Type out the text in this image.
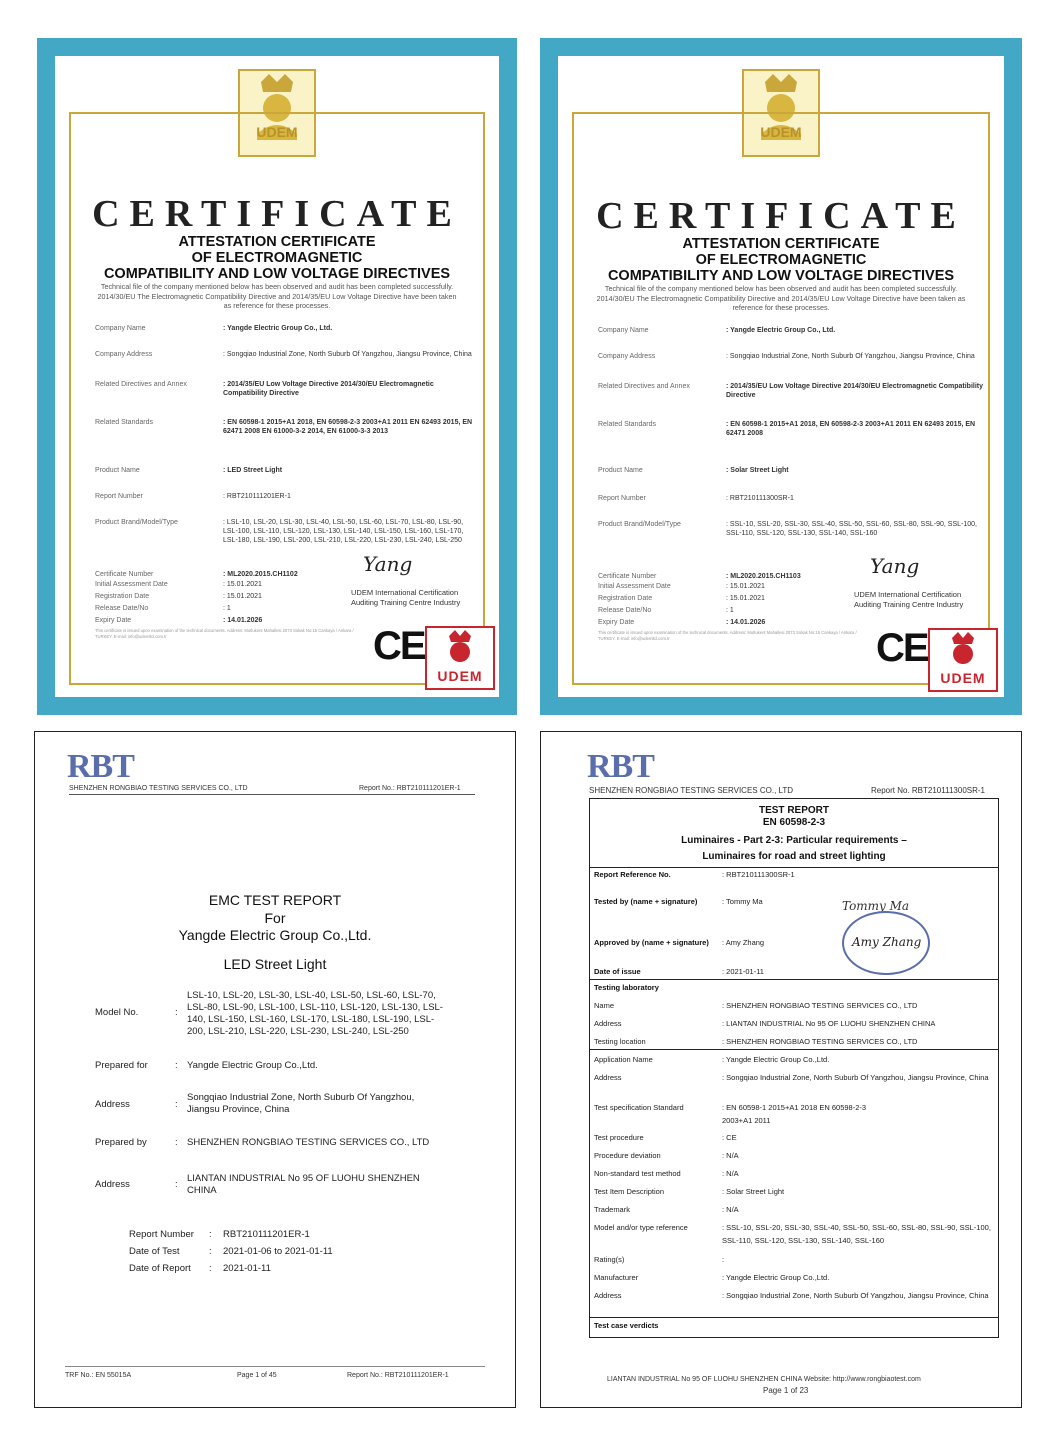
UDEM
CERTIFICATE
ATTESTATION CERTIFICATE
OF ELECTROMAGNETIC
COMPATIBILITY AND LOW VOLTAGE DIRECTIVES
Technical file of the company mentioned below has been observed and audit has been completed successfully. 2014/30/EU The Electromagnetic Compatibility Directive and 2014/35/EU Low Voltage Directive have been taken as reference for these processes.
Company Name	: Yangde Electric Group Co., Ltd.
Company Address	: Songqiao Industrial Zone, North Suburb Of Yangzhou, Jiangsu Province, China
Related Directives and Annex	: 2014/35/EU Low Voltage Directive 2014/30/EU Electromagnetic Compatibility Directive
Related Standards	: EN 60598-1 2015+A1 2018, EN 60598-2-3 2003+A1 2011 EN 62493 2015, EN 62471 2008 EN 61000-3-2 2014, EN 61000-3-3 2013
Product Name	: LED Street Light
Report Number	: RBT210111201ER-1
Product Brand/Model/Type	: LSL-10, LSL-20, LSL-30, LSL-40, LSL-50, LSL-60, LSL-70, LSL-80, LSL-90, LSL-100, LSL-110, LSL-120, LSL-130, LSL-140, LSL-150, LSL-160, LSL-170, LSL-180, LSL-190, LSL-200, LSL-210, LSL-220, LSL-230, LSL-240, LSL-250
Certificate Number	: ML2020.2015.CH1102
Initial Assessment Date	: 15.01.2021
Registration Date	: 15.01.2021
Release Date/No	: 1
Expiry Date	: 14.01.2026
Yang
UDEM International Certification Auditing Training Centre Industry
This certificate is issued upon examination of the technical documents. Address: Mutlukent Mahallesi 2073 Sokak No:15 Cankaya / Ankara / TURKEY. E-mail: info@udemltd.com.tr	CE
UDEM
UDEM
CERTIFICATE
ATTESTATION CERTIFICATE
OF ELECTROMAGNETIC
COMPATIBILITY AND LOW VOLTAGE DIRECTIVES
Technical file of the company mentioned below has been observed and audit has been completed successfully. 2014/30/EU The Electromagnetic Compatibility Directive and 2014/35/EU Low Voltage Directive have been taken as reference for these processes.
Company Name	: Yangde Electric Group Co., Ltd.
Company Address	: Songqiao Industrial Zone, North Suburb Of Yangzhou, Jiangsu Province, China
Related Directives and Annex	: 2014/35/EU Low Voltage Directive 2014/30/EU Electromagnetic Compatibility Directive
Related Standards	: EN 60598-1 2015+A1 2018, EN 60598-2-3 2003+A1 2011 EN 62493 2015, EN 62471 2008
Product Name	: Solar Street Light
Report Number	: RBT210111300SR-1
Product Brand/Model/Type	: SSL-10, SSL-20, SSL-30, SSL-40, SSL-50, SSL-60, SSL-80, SSL-90, SSL-100, SSL-110, SSL-120, SSL-130, SSL-140, SSL-160
Certificate Number	: ML2020.2015.CH1103
Initial Assessment Date	: 15.01.2021
Registration Date	: 15.01.2021
Release Date/No	: 1
Expiry Date	: 14.01.2026
Yang
UDEM International Certification Auditing Training Centre Industry
This certificate is issued upon examination of the technical documents. Address: Mutlukent Mahallesi 2073 Sokak No:15 Cankaya / Ankara / TURKEY. E-mail: info@udemltd.com.tr	CE
UDEM
RBT
SHENZHEN RONGBIAO TESTING SERVICES CO., LTD	Report No.: RBT210111201ER-1
EMC TEST REPORT
For
Yangde Electric Group Co.,Ltd.
LED Street Light
Model No.	:
LSL-10, LSL-20, LSL-30, LSL-40, LSL-50, LSL-60, LSL-70, LSL-80, LSL-90, LSL-100, LSL-110, LSL-120, LSL-130, LSL-140, LSL-150, LSL-160, LSL-170, LSL-180, LSL-190, LSL-200, LSL-210, LSL-220, LSL-230, LSL-240, LSL-250
Prepared for	: Yangde Electric Group Co.,Ltd.
Address	:
Songqiao Industrial Zone, North Suburb Of Yangzhou, Jiangsu Province, China
Prepared by	: SHENZHEN RONGBIAO TESTING SERVICES CO., LTD
Address	:
LIANTAN INDUSTRIAL No 95 OF LUOHU SHENZHEN CHINA
Report Number : RBT210111201ER-1
Date of Test	: 2021-01-06 to 2021-01-11
Date of Report : 2021-01-11
TRF No.: EN 55015A	Page 1 of 45	Report No.: RBT210111201ER-1
RBT
SHENZHEN RONGBIAO TESTING SERVICES CO., LTD	Report No. RBT210111300SR-1
TEST REPORT
EN 60598-2-3
Luminaires - Part 2-3: Particular requirements –
Luminaires for road and street lighting
Report Reference No.	: RBT210111300SR-1
Tested by (name + signature)	: Tommy Ma
Approved by (name + signature) : Amy Zhang
Date of issue	: 2021-01-11
Tommy Ma
Amy Zhang
Testing laboratory
Name	: SHENZHEN RONGBIAO TESTING SERVICES CO., LTD
Address	: LIANTAN INDUSTRIAL No 95 OF LUOHU SHENZHEN CHINA
Testing location	: SHENZHEN RONGBIAO TESTING SERVICES CO., LTD
Application Name	: Yangde Electric Group Co.,Ltd.
Address	: Songqiao Industrial Zone, North Suburb Of Yangzhou, Jiangsu Province, China
Test specification Standard	: EN 60598-1 2015+A1 2018 EN 60598-2-3 2003+A1 2011
Test procedure	: CE
Procedure deviation	: N/A
Non-standard test method	: N/A
Test Item Description	: Solar Street Light
Trademark	: N/A
Model and/or type reference	: SSL-10, SSL-20, SSL-30, SSL-40, SSL-50, SSL-60, SSL-80, SSL-90, SSL-100, SSL-110, SSL-120, SSL-130, SSL-140, SSL-160
Rating(s)	:
Manufacturer	: Yangde Electric Group Co.,Ltd.
Address	: Songqiao Industrial Zone, North Suburb Of Yangzhou, Jiangsu Province, China
Test case verdicts
LIANTAN INDUSTRIAL No 95 OF LUOHU SHENZHEN CHINA Website: http://www.rongbiaotest.com
Page 1 of 23
